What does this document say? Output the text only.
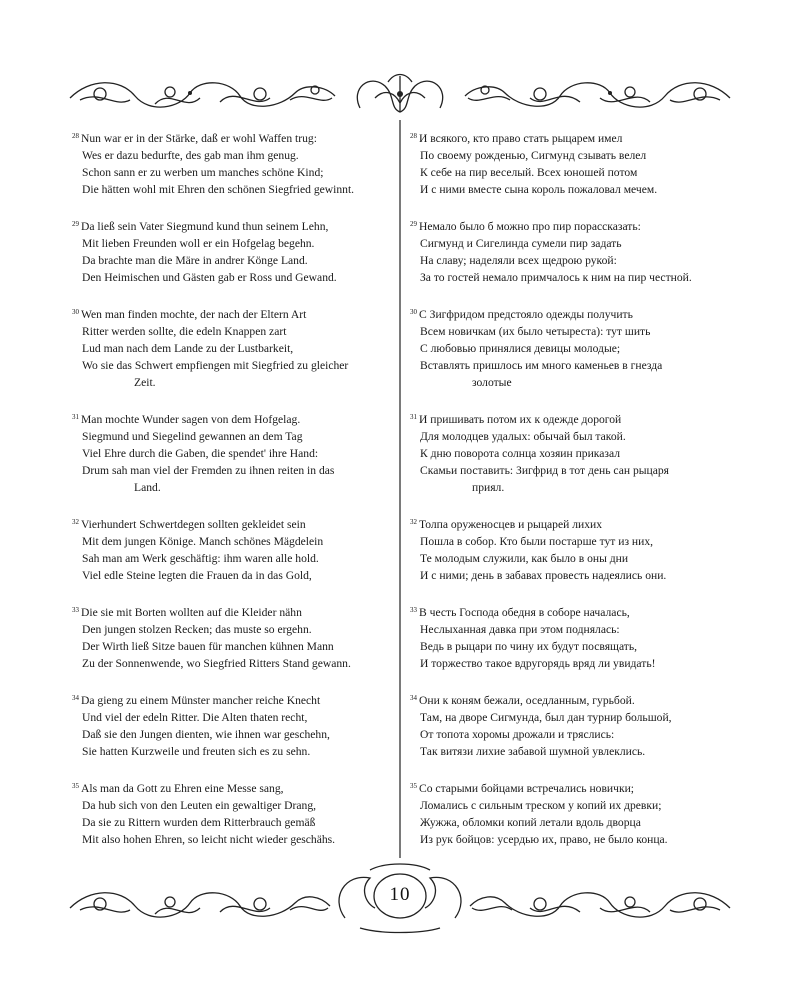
$^{28}$ Nun war er in der Stärke, daß er wohl Waffen trug:
Wes er dazu bedurfte, des gab man ihm genug.
Schon sann er zu werben um manches schöne Kind;
Die hätten wohl mit Ehren den schönen Siegfried gewinnt.
$^{29}$ Da ließ sein Vater Siegmund kund thun seinem Lehn,
Mit lieben Freunden woll er ein Hofgelag begehn.
Da brachte man die Märe in andrer Könge Land.
Den Heimischen und Gästen gab er Ross und Gewand.
$^{30}$ Wen man finden mochte, der nach der Eltern Art
Ritter werden sollte, die edeln Knappen zart
Lud man nach dem Lande zu der Lustbarkeit,
Wo sie das Schwert empfiengen mit Siegfried zu gleicher
Zeit.
$^{31}$ Man mochte Wunder sagen von dem Hofgelag.
Siegmund und Siegelind gewannen an dem Tag
Viel Ehre durch die Gaben, die spendet' ihre Hand:
Drum sah man viel der Fremden zu ihnen reiten in das
Land.
$^{32}$ Vierhundert Schwertdegen sollten gekleidet sein
Mit dem jungen Könige. Manch schönes Mägdelein
Sah man am Werk geschäftig: ihm waren alle hold.
Viel edle Steine legten die Frauen da in das Gold,
$^{33}$ Die sie mit Borten wollten auf die Kleider nähn
Den jungen stolzen Recken; das muste so ergehn.
Der Wirth ließ Sitze bauen für manchen kühnen Mann
Zu der Sonnenwende, wo Siegfried Ritters Stand gewann.
$^{34}$ Da gieng zu einem Münster mancher reiche Knecht
Und viel der edeln Ritter. Die Alten thaten recht,
Daß sie den Jungen dienten, wie ihnen war geschehn,
Sie hatten Kurzweile und freuten sich es zu sehn.
$^{35}$ Als man da Gott zu Ehren eine Messe sang,
Da hub sich von den Leuten ein gewaltiger Drang,
Da sie zu Rittern wurden dem Ritterbrauch gemäß
Mit also hohen Ehren, so leicht nicht wieder geschähs.
$^{28}$ И всякого, кто право стать рыцарем имел
По своему рожденью, Сигмунд сзывать велел
К себе на пир веселый. Всех юношей потом
И с ними вместе сына король пожаловал мечем.
$^{29}$ Немало было б можно про пир порассказать:
Сигмунд и Сигелинда сумели пир задать
На славу; наделяли всех щедрою рукой:
За то гостей немало примчалось к ним на пир честной.
$^{30}$ С Зигфридом предстояло одежды получить
Всем новичкам (их было четыреста): тут шить
С любовью принялися девицы молодые;
Вставлять пришлось им много каменьев в гнезда
золотые
$^{31}$ И пришивать потом их к одежде дорогой
Для молодцев удалых: обычай был такой.
К дню поворота солнца хозяин приказал
Скамьи поставить: Зигфрид в тот день сан рыцаря
приял.
$^{32}$ Толпа оруженосцев и рыцарей лихих
Пошла в собор. Кто были постарше тут из них,
Те молодым служили, как было в оны дни
И с ними; день в забавах провесть надеялись они.
$^{33}$ В честь Господа обедня в соборе началась,
Неслыханная давка при этом поднялась:
Ведь в рыцари по чину их будут посвящать,
И торжество такое вдругорядь вряд ли увидать!
$^{34}$ Они к коням бежали, оседланным, гурьбой.
Там, на дворе Сигмунда, был дан турнир большой,
От топота хоромы дрожали и тряслись:
Так витязи лихие забавой шумной увлеклись.
$^{35}$ Со старыми бойцами встречались новички;
Ломались с сильным треском у копий их древки;
Жужжа, обломки копий летали вдоль дворца
Из рук бойцов: усердью их, право, не было конца.
10
